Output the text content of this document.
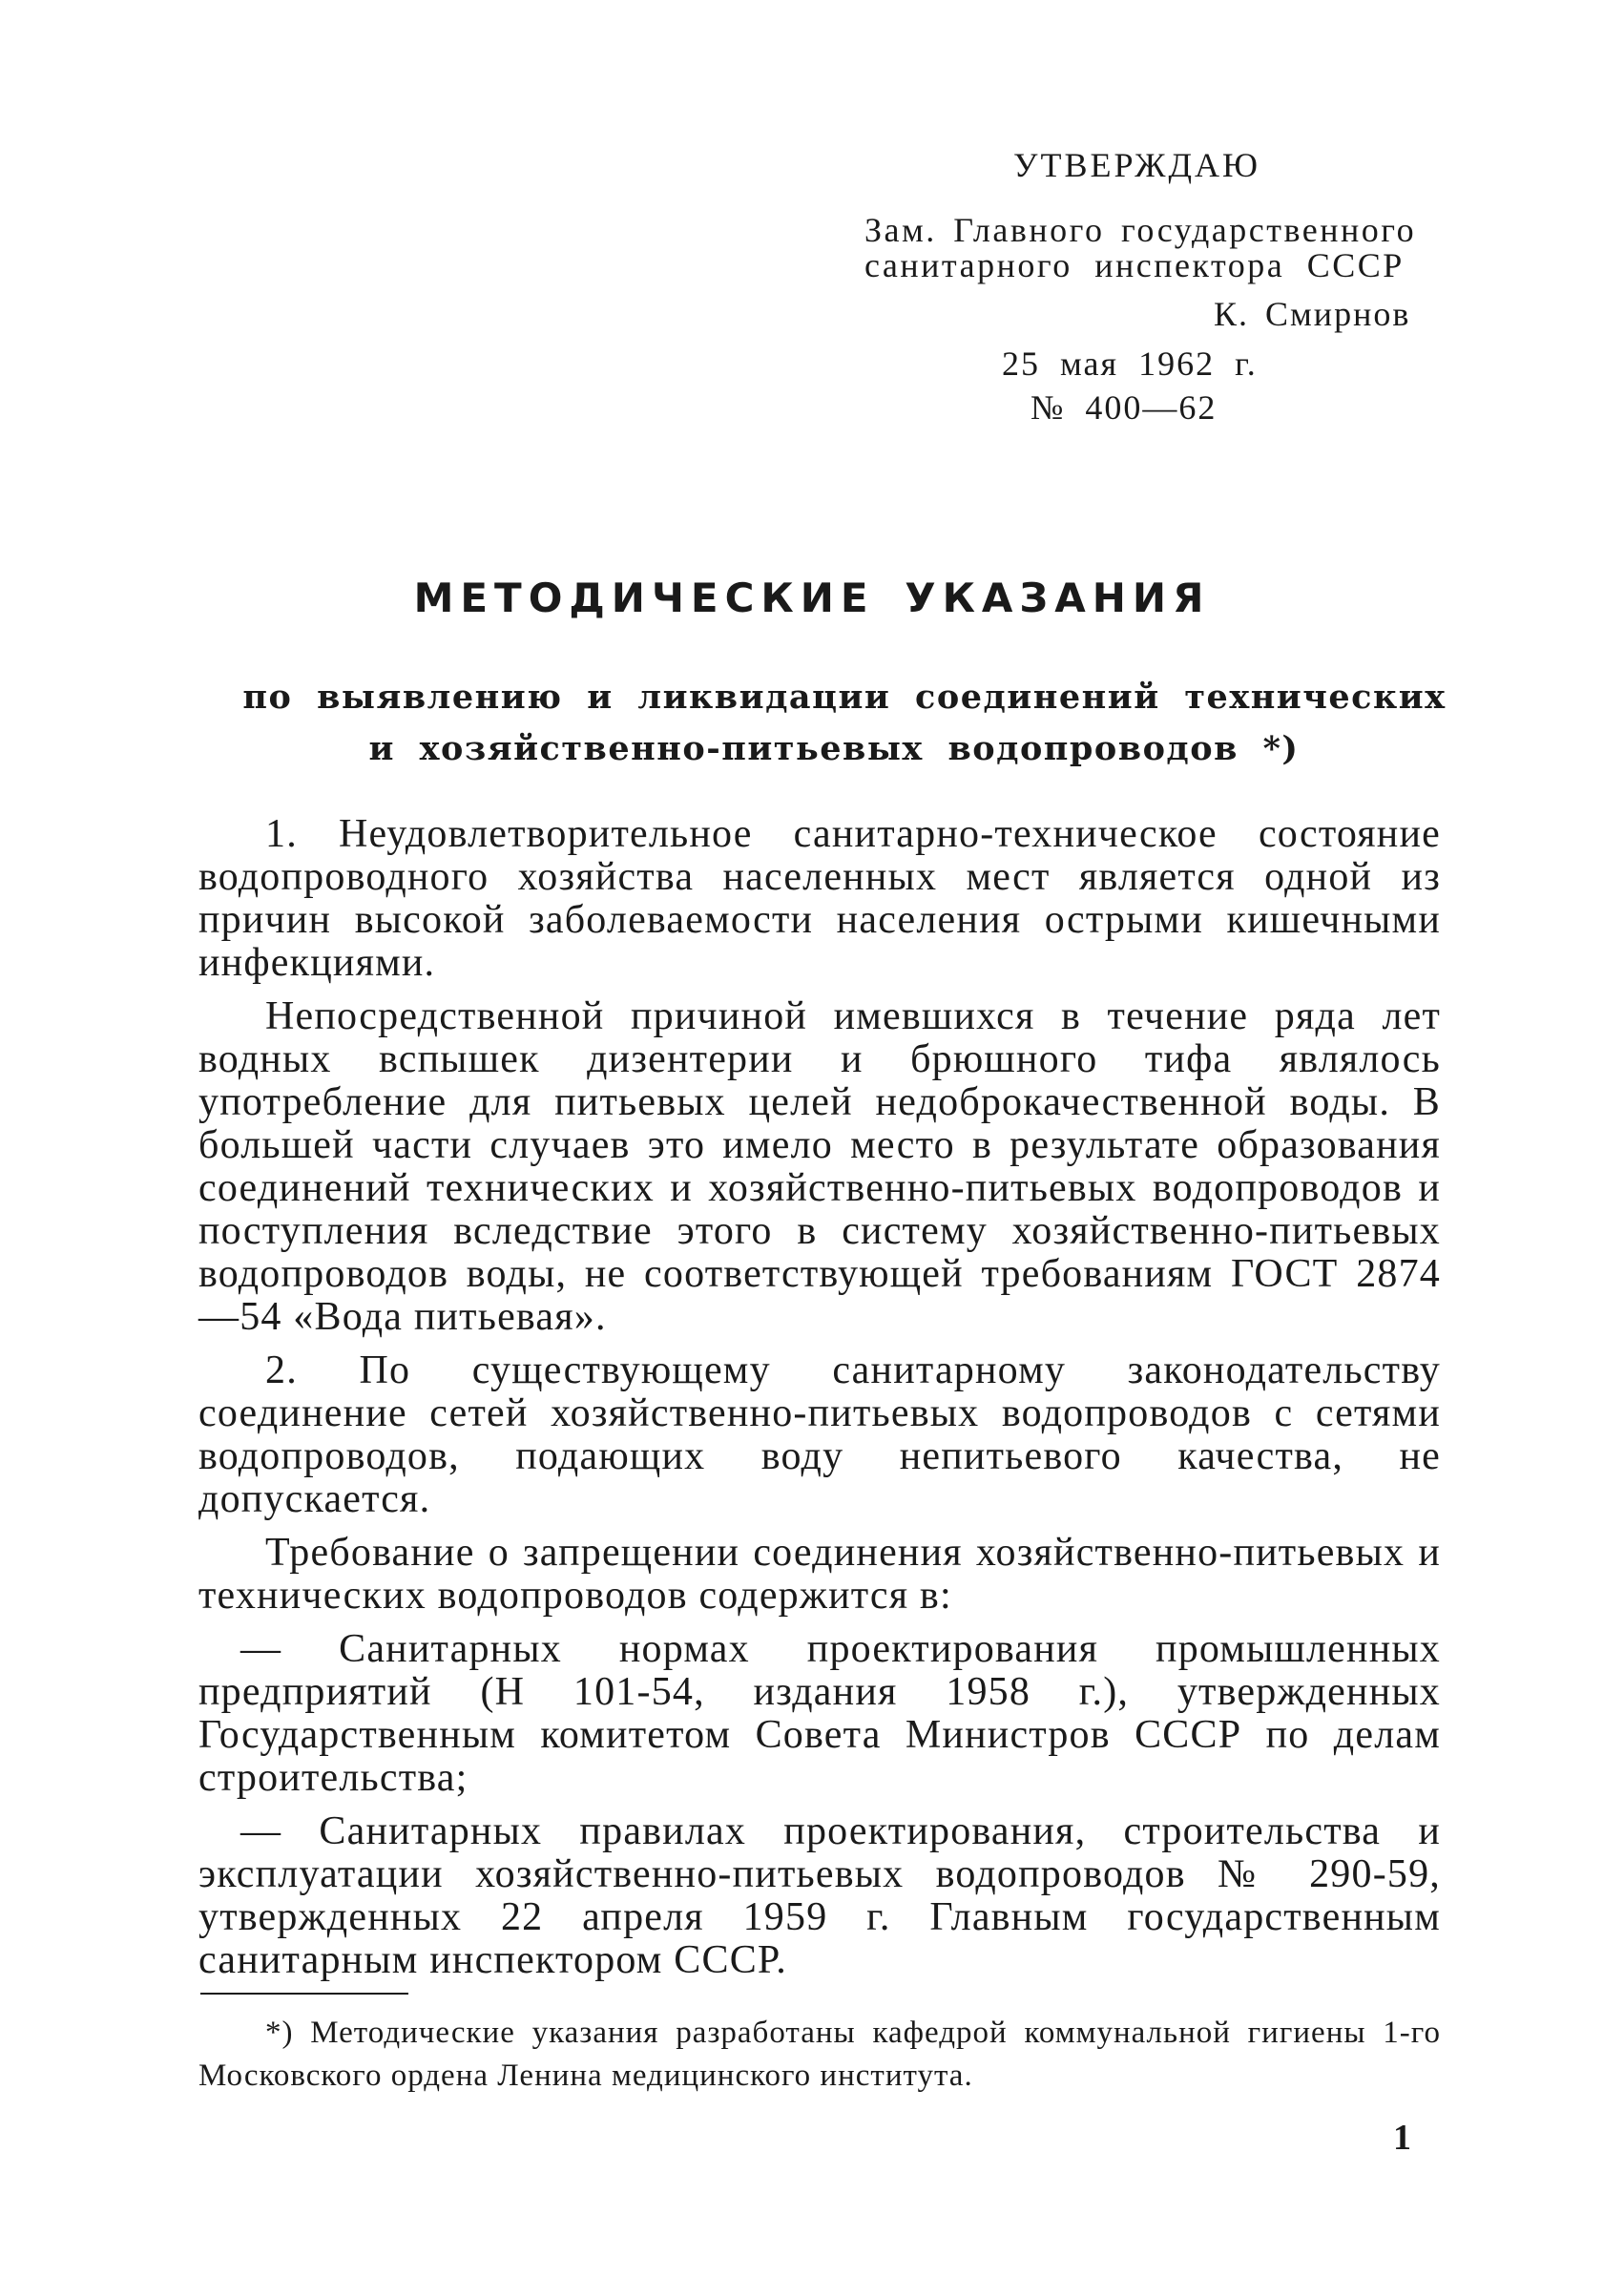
УТВЕРЖДАЮ
Зам. Главного государственного
санитарного инспектора СССР
К. Смирнов
25 мая 1962 г.
№ 400—62
МЕТОДИЧЕСКИЕ УКАЗАНИЯ
по выявлению и ликвидации соединений технических
и хозяйственно-питьевых водопроводов *)

1. Неудовлетворительное санитарно-техническое состояние водопроводного хозяйства населенных мест является одной из причин высокой заболеваемости населения острыми кишечными инфекциями.

Непосредственной причиной имевшихся в течение ряда лет водных вспышек дизентерии и брюшного тифа являлось употребление для питьевых целей недоброкачественной воды. В большей части случаев это имело место в результате образования соединений технических и хозяйственно-питьевых водопроводов и поступления вследствие этого в систему хозяйственно-питьевых водопроводов воды, не соответствующей требованиям ГОСТ 2874—54 «Вода питьевая».

2. По существующему санитарному законодательству соединение сетей хозяйственно-питьевых водопроводов с сетями водопроводов, подающих воду непитьевого качества, не допускается.

Требование о запрещении соединения хозяйственно-питьевых и технических водопроводов содержится в:

— Санитарных нормах проектирования промышленных предприятий (Н 101-54, издания 1958 г.), утвержденных Государственным комитетом Совета Министров СССР по делам строительства;

— Санитарных правилах проектирования, строительства и эксплуатации хозяйственно-питьевых водопроводов № 290-59, утвержденных 22 апреля 1959 г. Главным государственным санитарным инспектором СССР.

*) Методические указания разработаны кафедрой коммунальной гигиены 1-го Московского ордена Ленина медицинского института.

1
